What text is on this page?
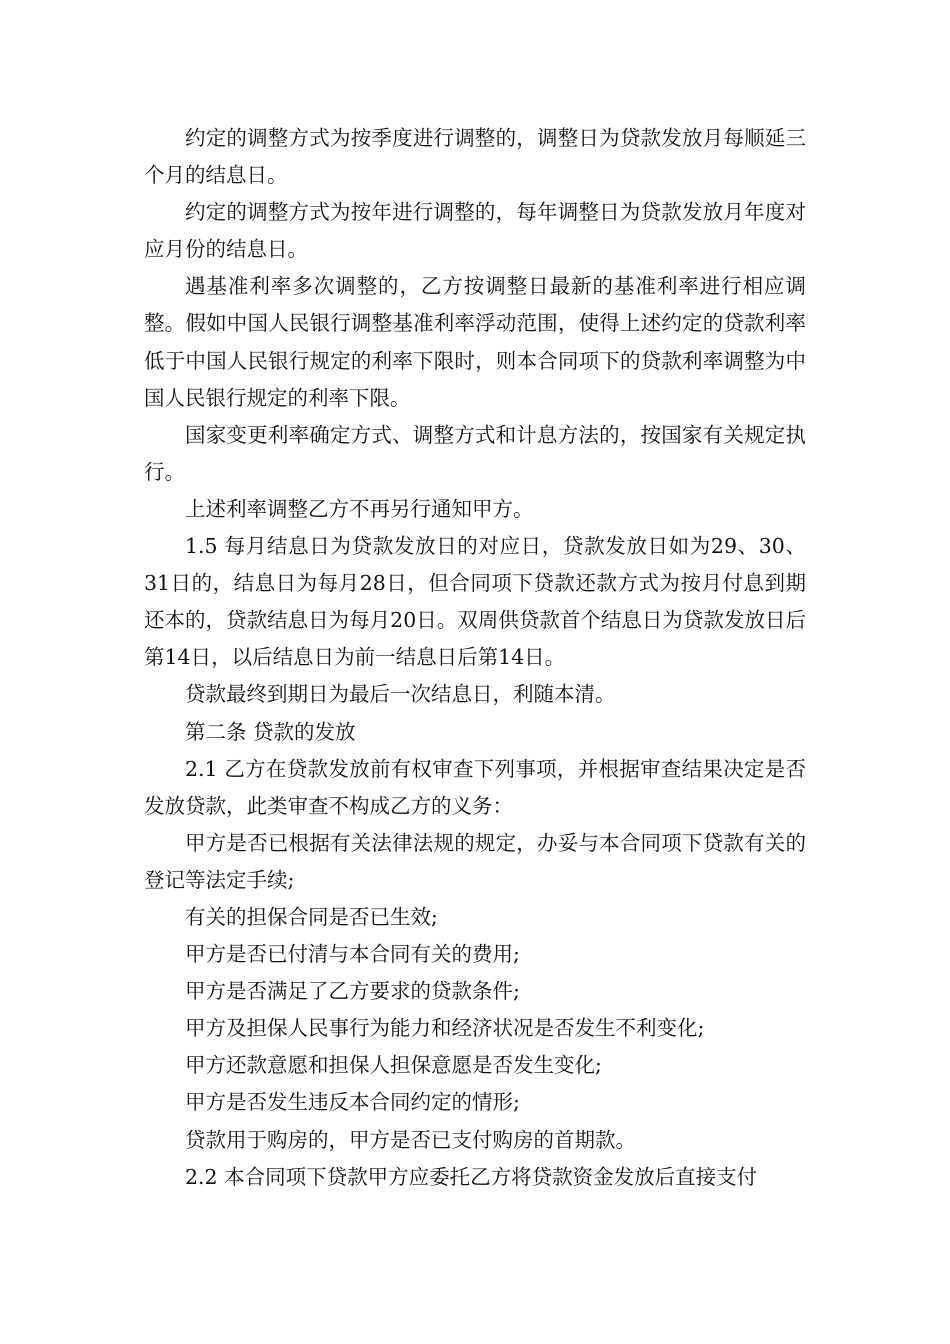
约定的调整方式为按季度进行调整的，调整日为贷款发放月每顺延三个月的结息日。

约定的调整方式为按年进行调整的，每年调整日为贷款发放月年度对应月份的结息日。

遇基准利率多次调整的，乙方按调整日最新的基准利率进行相应调整。假如中国人民银行调整基准利率浮动范围，使得上述约定的贷款利率低于中国人民银行规定的利率下限时，则本合同项下的贷款利率调整为中国人民银行规定的利率下限。

国家变更利率确定方式、调整方式和计息方法的，按国家有关规定执行。

上述利率调整乙方不再另行通知甲方。

1.5 每月结息日为贷款发放日的对应日，贷款发放日如为29、30、31日的，结息日为每月28日，但合同项下贷款还款方式为按月付息到期还本的，贷款结息日为每月20日。双周供贷款首个结息日为贷款发放日后第14日，以后结息日为前一结息日后第14日。

贷款最终到期日为最后一次结息日，利随本清。

第二条 贷款的发放

2.1 乙方在贷款发放前有权审查下列事项，并根据审查结果决定是否发放贷款，此类审查不构成乙方的义务：

甲方是否已根据有关法律法规的规定，办妥与本合同项下贷款有关的登记等法定手续;

有关的担保合同是否已生效;

甲方是否已付清与本合同有关的费用;

甲方是否满足了乙方要求的贷款条件;

甲方及担保人民事行为能力和经济状况是否发生不利变化;

甲方还款意愿和担保人担保意愿是否发生变化;

甲方是否发生违反本合同约定的情形;

贷款用于购房的，甲方是否已支付购房的首期款。

2.2 本合同项下贷款甲方应委托乙方将贷款资金发放后直接支付
